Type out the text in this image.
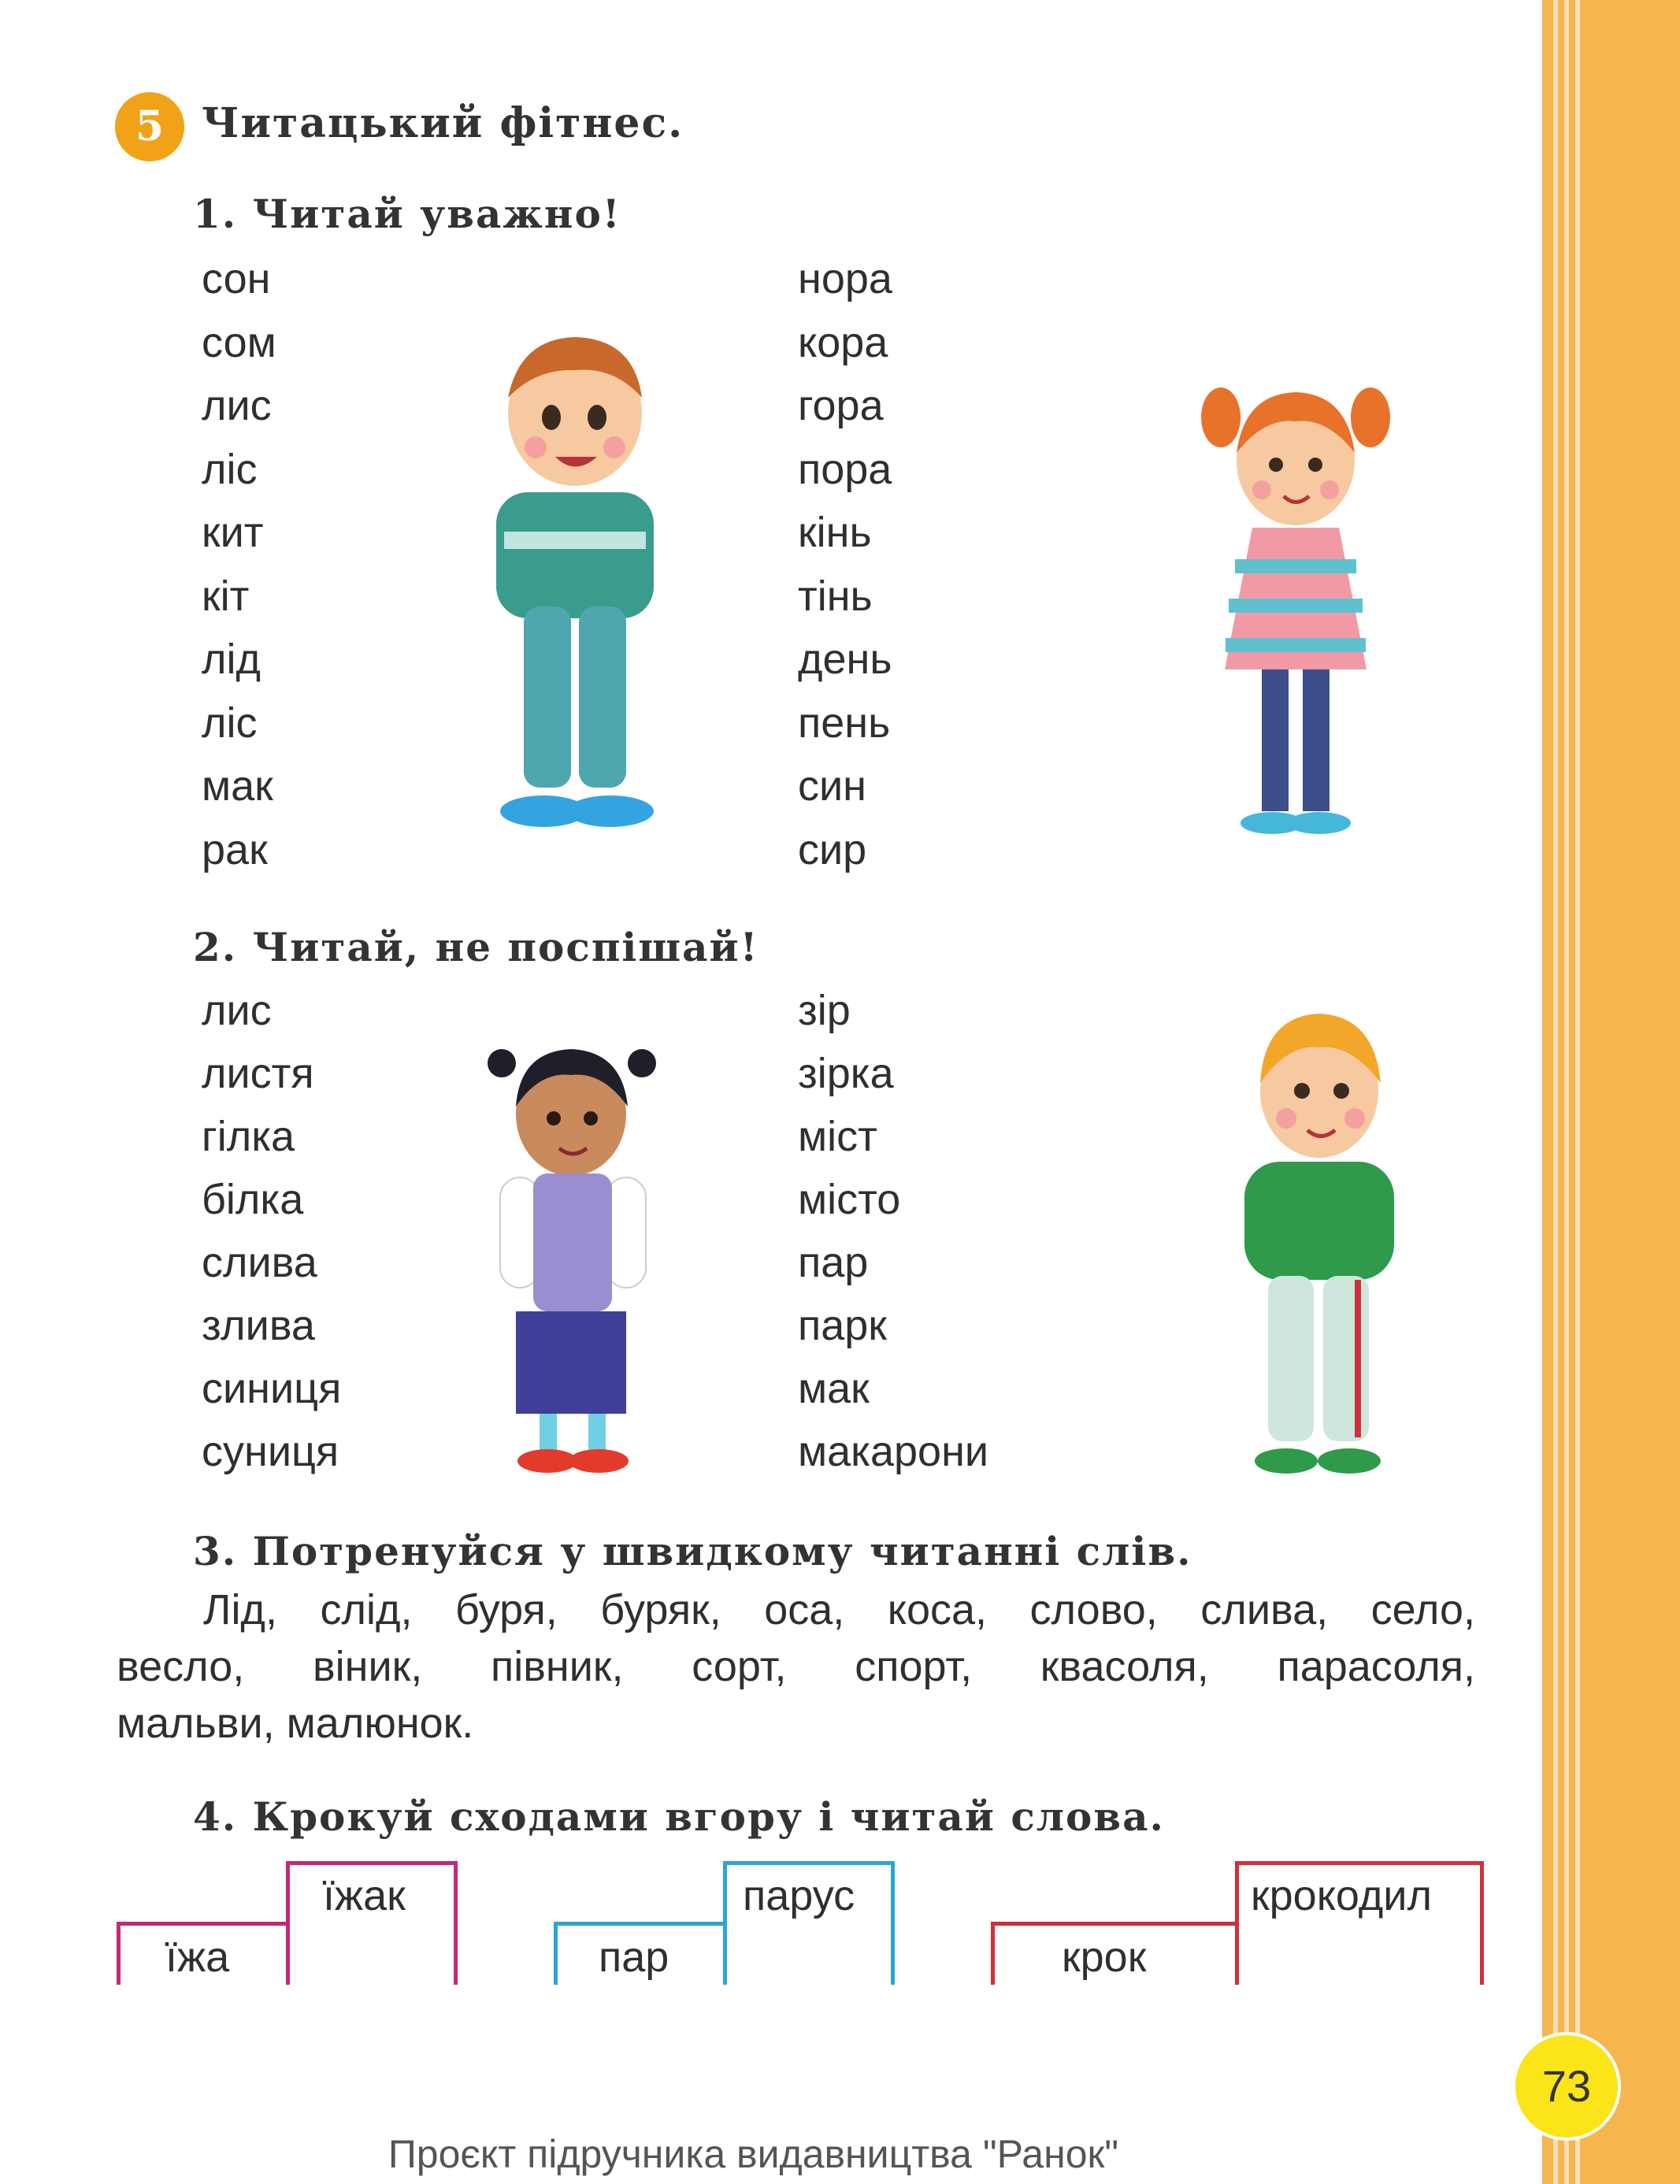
5 Читацький фітнес.
1. Читай уважно!
сон
сом
лис
ліс
кит
кіт
лід
ліс
мак
рак
нора
кора
гора
пора
кінь
тінь
день
пень
син
сир
2. Читай, не поспішай!
лис
листя
гілка
білка
слива
злива
синиця
суниця
зір
зірка
міст
місто
пар
парк
мак
макарони
3. Потренуйся у швидкому читанні слів.
Лід, слід, буря, буряк, оса, коса, слово, слива, село,
весло, віник, півник, сорт, спорт, квасоля, парасоля,
мальви, малюнок.
4. Крокуй сходами вгору і читай слова.
їжа
їжак
пар
парус
крок
крокодил
73
Проєкт підручника видавництва "Ранок"
